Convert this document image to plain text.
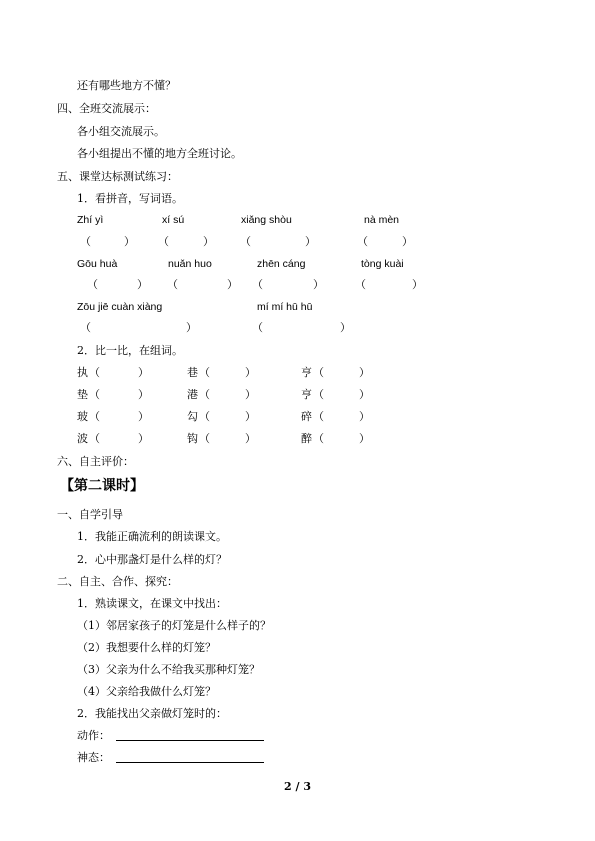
还有哪些地方不懂？
四、全班交流展示：
各小组交流展示。
各小组提出不懂的地方全班讨论。
五、课堂达标测试练习：
1．看拼音，写词语。
Zhí yì	xí sú	xiǎng shòu	nà mèn
（	） （	） （	）	（	）
Gōu huà	nuǎn huo	zhēn cáng	tòng kuài
（	） （	） （	）	（	）
Zōu jiē cuàn xiàng	mí mí hū hū
（	）	（	）
2．比一比，在组词。
执 （	）	巷 （	）	亨 （	）
垫 （	）	港 （	）	亨 （	）
玻 （	）	勾 （	）	碎 （	）
波 （	）	钩 （	）	醉 （	）
六、自主评价：
【第二课时】
一、自学引导
1．我能正确流利的朗读课文。
2．心中那盏灯是什么样的灯？
二、自主、合作、探究：
1．熟读课文，在课文中找出：
（1）邻居家孩子的灯笼是什么样子的？
（2）我想要什么样的灯笼？
（3）父亲为什么不给我买那种灯笼？
（4）父亲给我做什么灯笼？
2．我能找出父亲做灯笼时的：
动作：
神态：
2 / 3
